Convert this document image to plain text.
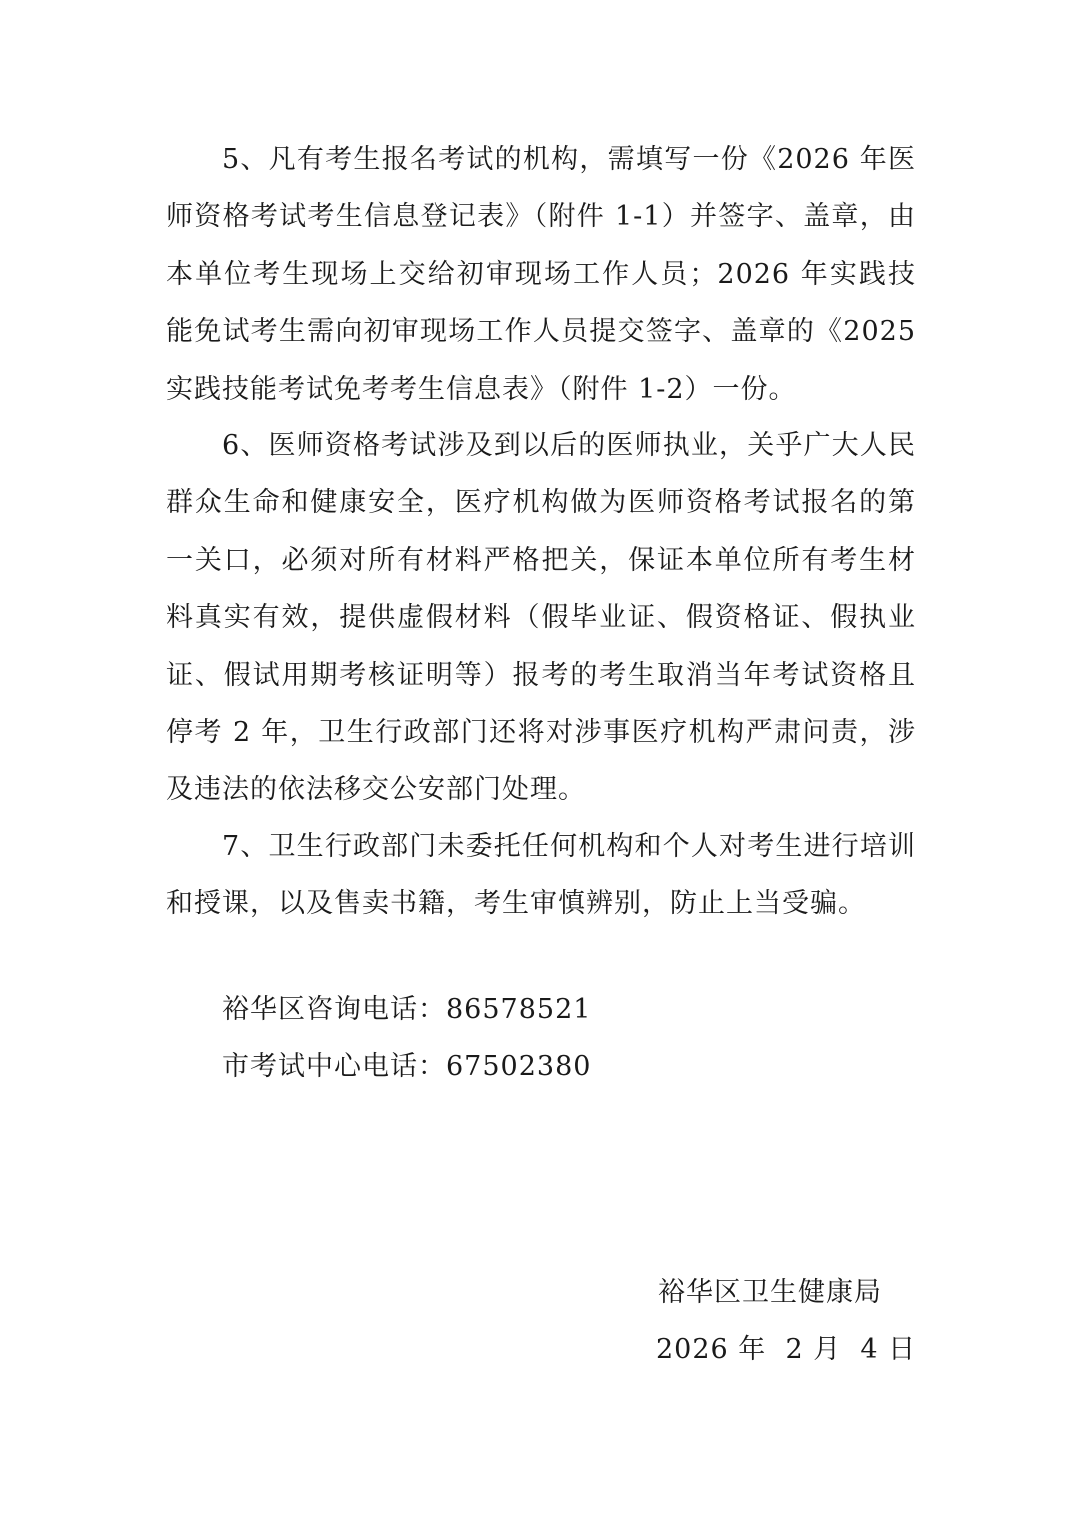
5、凡有考生报名考试的机构，需填写一份《2026 年医师资格考试考生信息登记表》（附件 1-1）并签字、盖章，由本单位考生现场上交给初审现场工作人员；2026 年实践技能免试考生需向初审现场工作人员提交签字、盖章的《2025 实践技能考试免考考生信息表》（附件 1-2）一份。

6、医师资格考试涉及到以后的医师执业，关乎广大人民群众生命和健康安全，医疗机构做为医师资格考试报名的第一关口，必须对所有材料严格把关，保证本单位所有考生材料真实有效，提供虚假材料（假毕业证、假资格证、假执业证、假试用期考核证明等）报考的考生取消当年考试资格且停考 2 年，卫生行政部门还将对涉事医疗机构严肃问责，涉及违法的依法移交公安部门处理。

7、卫生行政部门未委托任何机构和个人对考生进行培训和授课，以及售卖书籍，考生审慎辨别，防止上当受骗。

裕华区咨询电话：86578521
市考试中心电话：67502380
裕华区卫生健康局
2026 年  2 月  4 日
